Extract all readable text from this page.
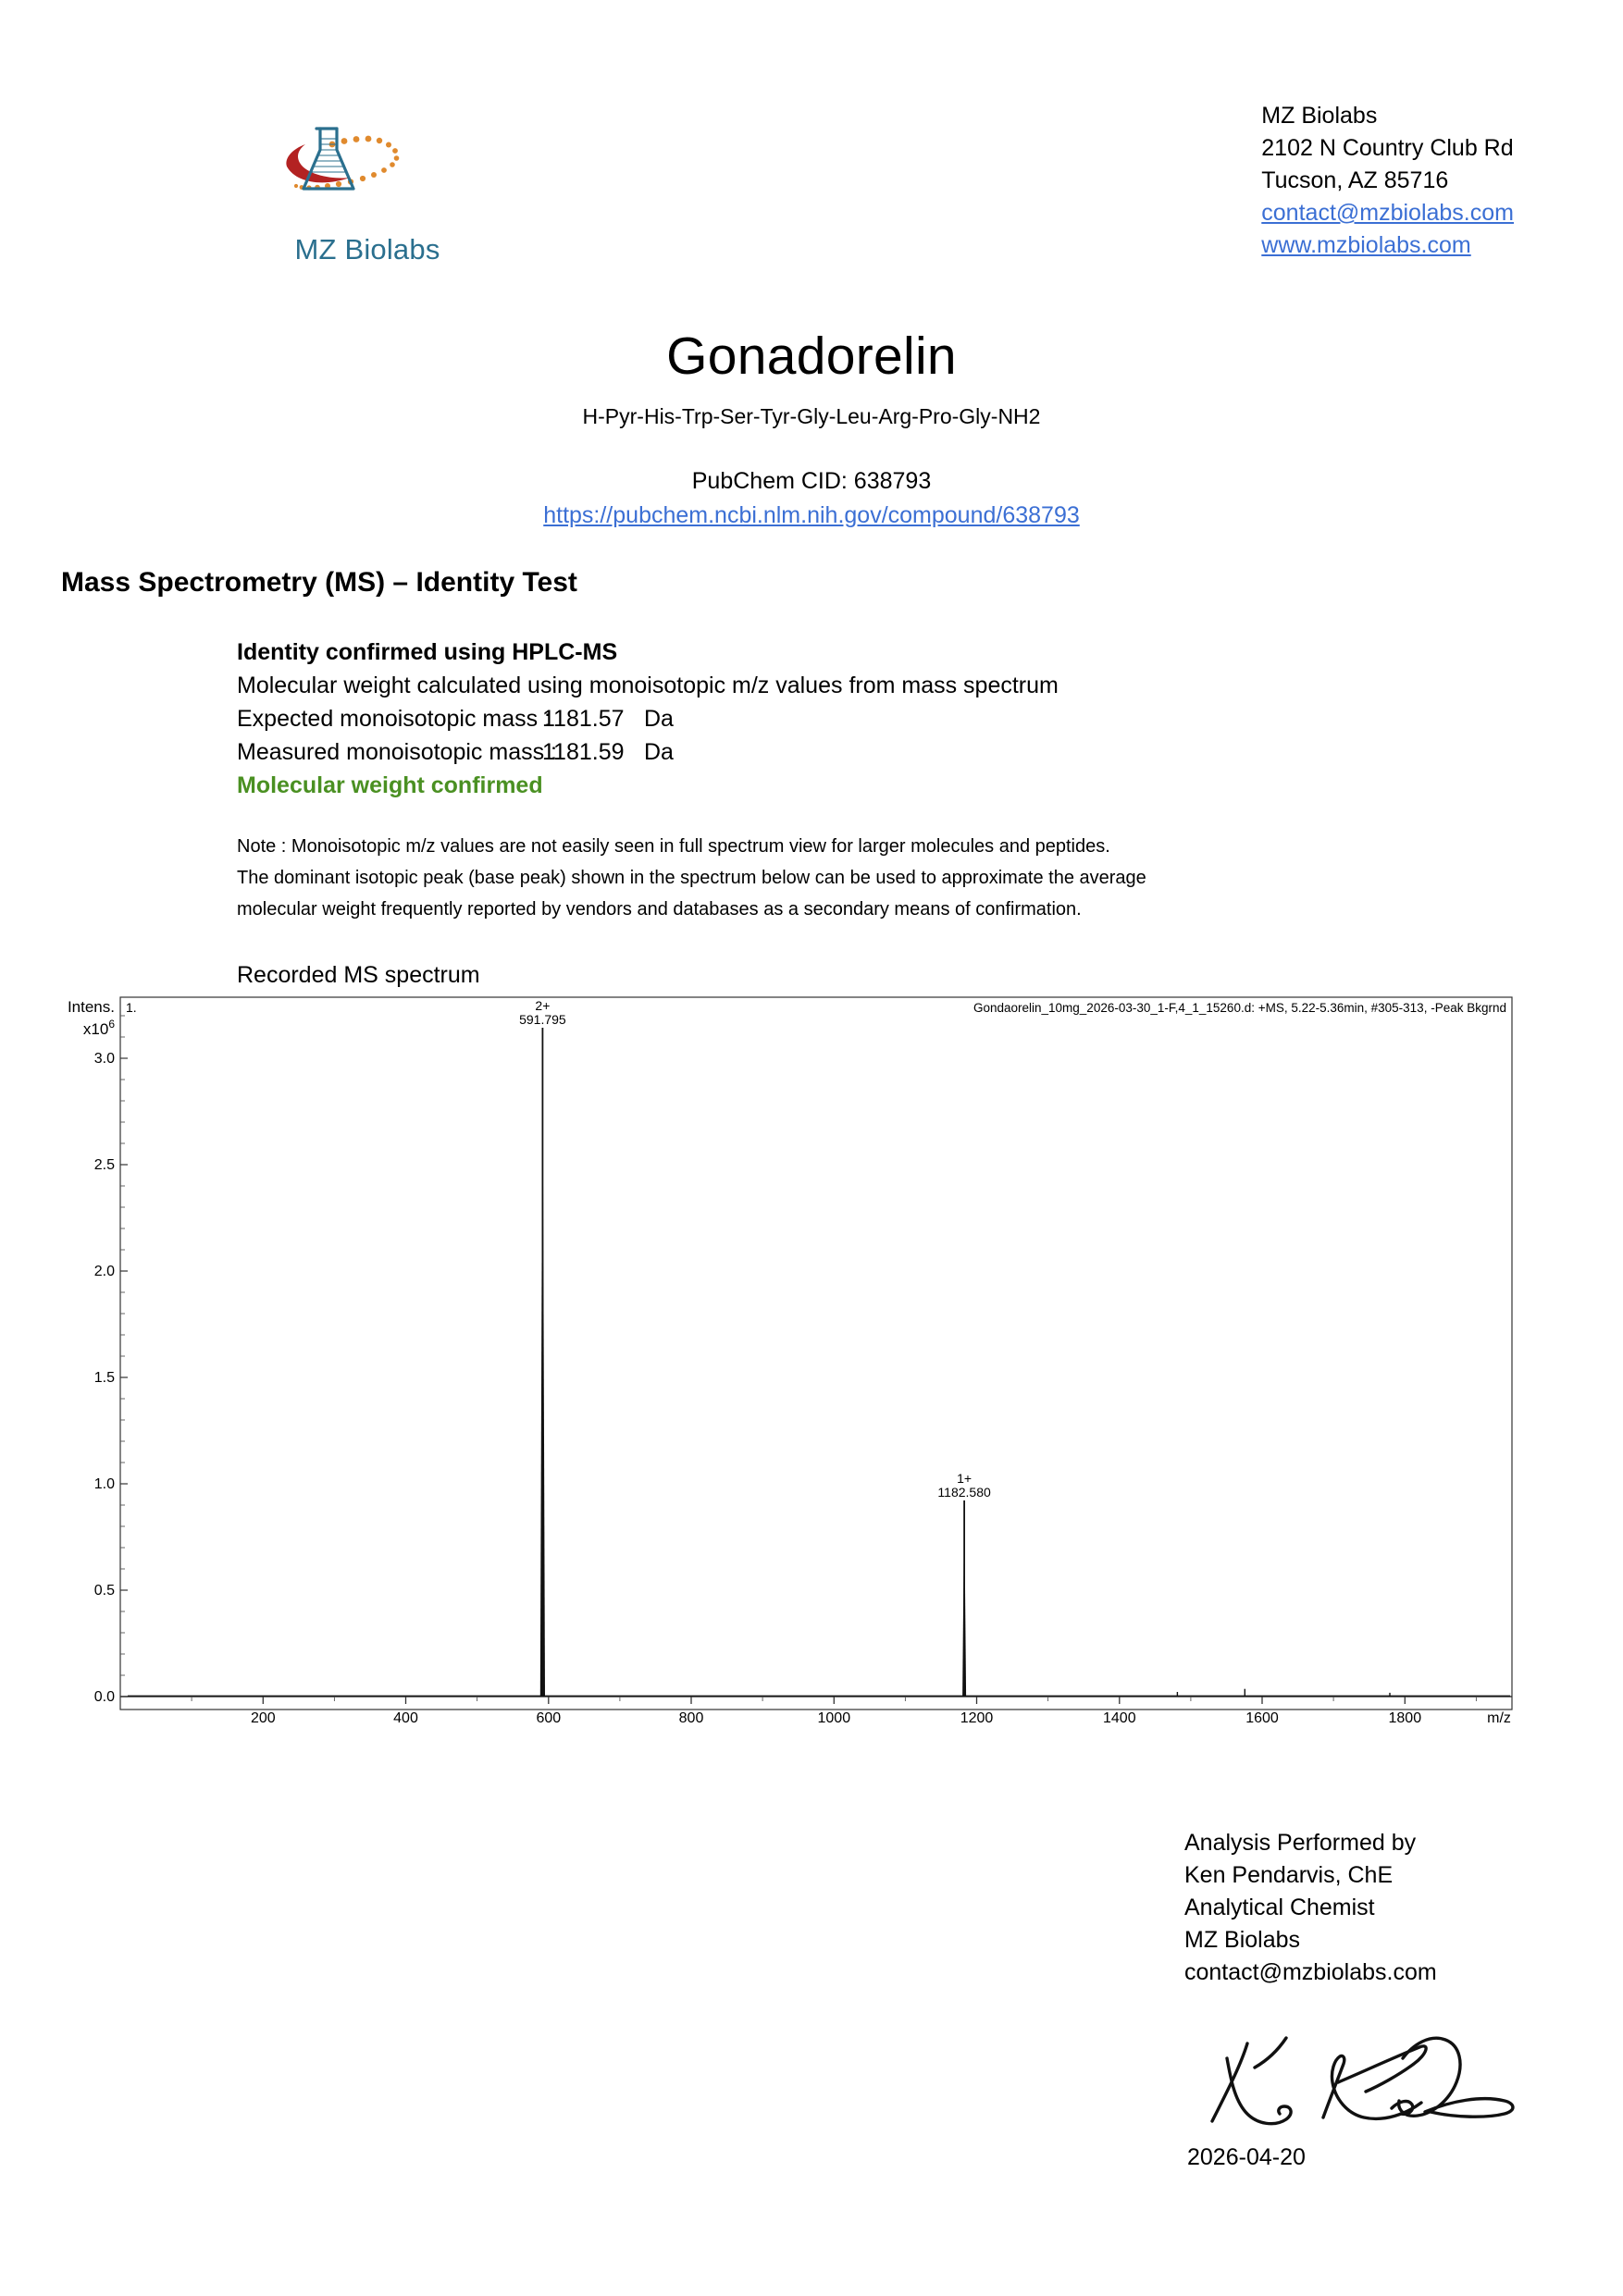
MZ Biolabs
MZ Biolabs
2102 N Country Club Rd
Tucson, AZ 85716
contact@mzbiolabs.com
www.mzbiolabs.com
Gonadorelin
H-Pyr-His-Trp-Ser-Tyr-Gly-Leu-Arg-Pro-Gly-NH2
PubChem CID: 638793
https://pubchem.ncbi.nlm.nih.gov/compound/638793
Mass Spectrometry (MS) – Identity Test
Identity confirmed using HPLC-MS
Molecular weight calculated using monoisotopic m/z values from mass spectrum
Expected monoisotopic mass :1181.57 Da
Measured monoisotopic mass :1181.59 Da
Molecular weight confirmed
Note : Monoisotopic m/z values are not easily seen in full spectrum view for larger molecules and peptides.
The dominant isotopic peak (base peak) shown in the spectrum below can be used to approximate the average
molecular weight frequently reported by vendors and databases as a secondary means of confirmation.
Recorded MS spectrum
1.	Gondaorelin_10mg_2026-03-30_1-F,4_1_15260.d: +MS, 5.22-5.36min, #305-313, -Peak Bkgrnd
Intens.
$x10^6$
0.0
0.5
1.0
1.5
2.0
2.5
3.0
200	400	600	800	1000	1200	1400	1600	1800	m/z
2+
591.795
1+
1182.580
Analysis Performed by
Ken Pendarvis, ChE
Analytical Chemist
MZ Biolabs
contact@mzbiolabs.com
2026-04-20
